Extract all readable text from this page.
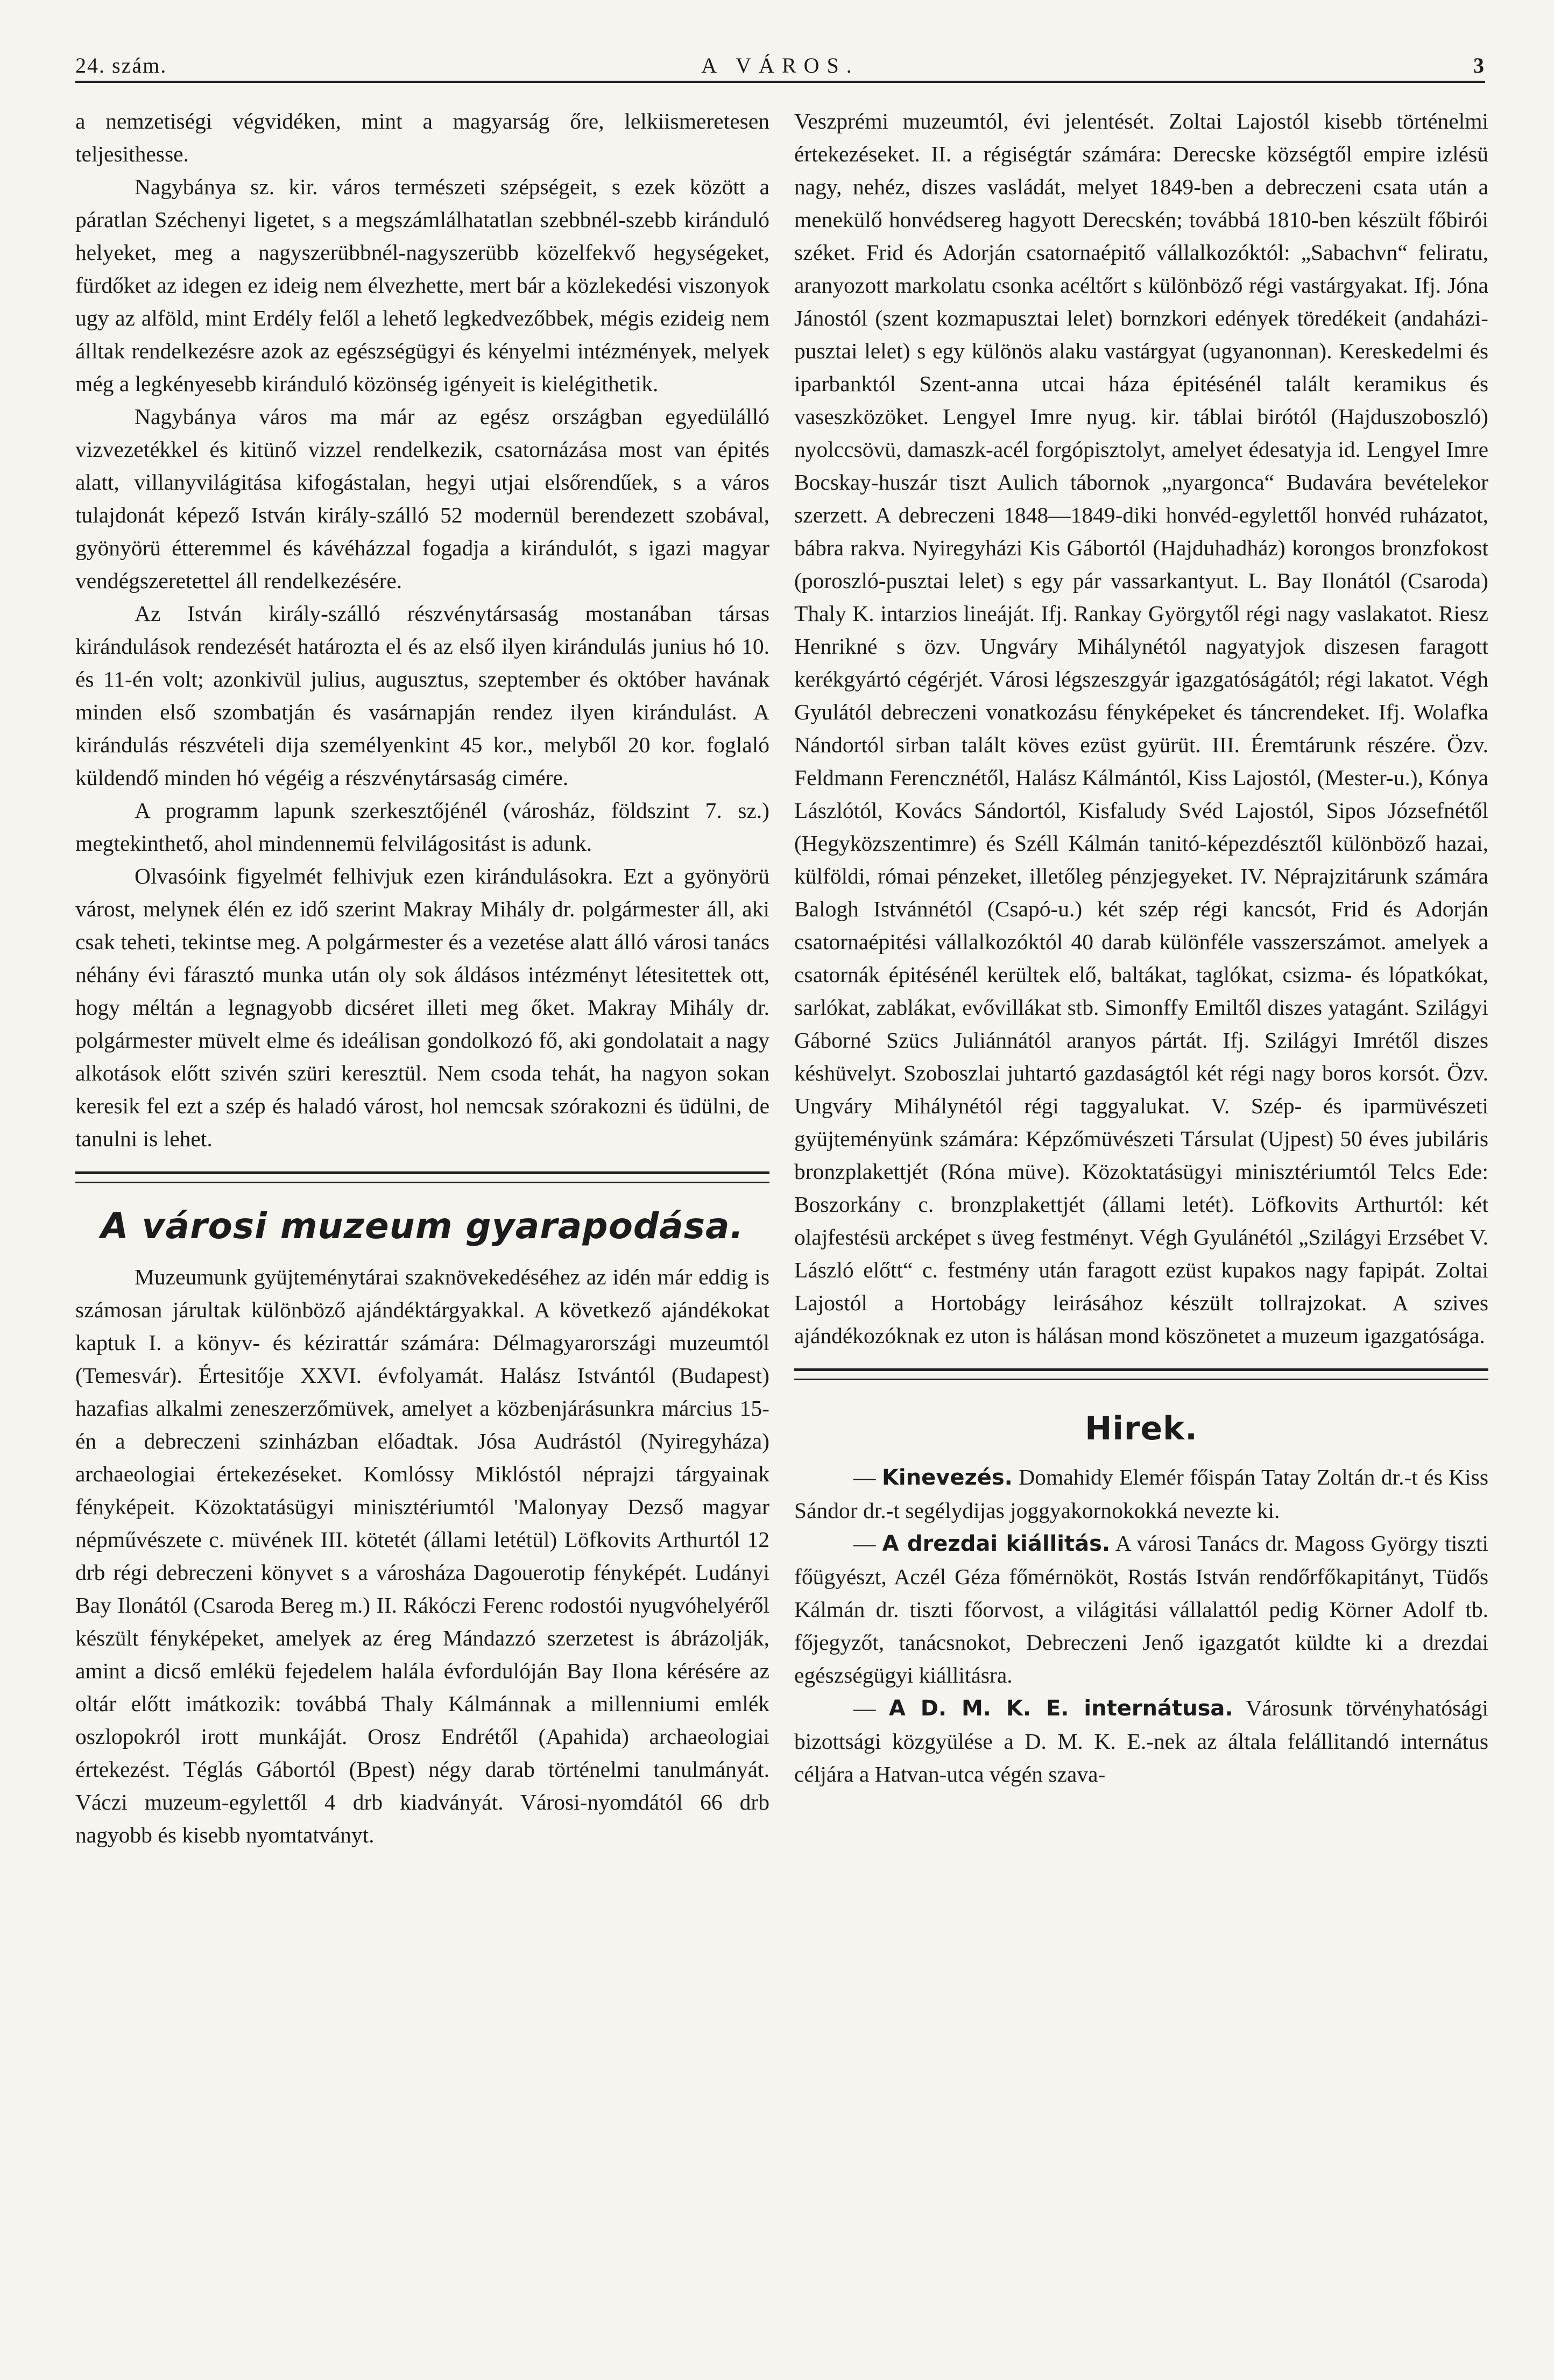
24. szám.	A VÁROS.	3

a nemzetiségi végvidéken, mint a magyarság őre, lelkiismeretesen teljesithesse.

Nagybánya sz. kir. város természeti szépségeit, s ezek között a páratlan Széchenyi ligetet, s a megszámlálhatatlan szebbnél-szebb kiránduló helyeket, meg a nagyszerübbnél-nagyszerübb közelfekvő hegységeket, fürdőket az idegen ez ideig nem élvezhette, mert bár a közlekedési viszonyok ugy az alföld, mint Erdély felől a lehető legkedvezőbbek, mégis ezideig nem álltak rendelkezésre azok az egészségügyi és kényelmi intézmények, melyek még a legkényesebb kiránduló közönség igényeit is kielégithetik.

Nagybánya város ma már az egész országban egyedülálló vizvezetékkel és kitünő vizzel rendelkezik, csatornázása most van épités alatt, villanyvilágitása kifogástalan, hegyi utjai elsőrendűek, s a város tulajdonát képező István király-szálló 52 modernül berendezett szobával, gyönyörü étteremmel és kávéházzal fogadja a kirándulót, s igazi magyar vendégszeretettel áll rendelkezésére.

Az István király-szálló részvénytársaság mostanában társas kirándulások rendezését határozta el és az első ilyen kirándulás junius hó 10. és 11-én volt; azonkivül julius, augusztus, szeptember és október havának minden első szombatján és vasárnapján rendez ilyen kirándulást. A kirándulás részvételi dija személyenkint 45 kor., melyből 20 kor. foglaló küldendő minden hó végéig a részvénytársaság cimére.

A programm lapunk szerkesztőjénél (városház, földszint 7. sz.) megtekinthető, ahol mindennemü felvilágositást is adunk.

Olvasóink figyelmét felhivjuk ezen kirándulásokra. Ezt a gyönyörü várost, melynek élén ez idő szerint Makray Mihály dr. polgármester áll, aki csak teheti, tekintse meg. A polgármester és a vezetése alatt álló városi tanács néhány évi fárasztó munka után oly sok áldásos intézményt létesitettek ott, hogy méltán a legnagyobb dicséret illeti meg őket. Makray Mihály dr. polgármester müvelt elme és ideálisan gondolkozó fő, aki gondolatait a nagy alkotások előtt szivén szüri keresztül. Nem csoda tehát, ha nagyon sokan keresik fel ezt a szép és haladó várost, hol nemcsak szórakozni és üdülni, de tanulni is lehet.

A városi muzeum gyarapodása.

Muzeumunk gyüjteménytárai szaknövekedéséhez az idén már eddig is számosan járultak különböző ajándéktárgyakkal. A következő ajándékokat kaptuk I. a könyv- és kézirattár számára: Délmagyarországi muzeumtól (Temesvár). Értesitője XXVI. évfolyamát. Halász Istvántól (Budapest) hazafias alkalmi zeneszerzőmüvek, amelyet a közbenjárásunkra március 15-én a debreczeni szinházban előadtak. Jósa Audrástól (Nyiregyháza) archaeologiai értekezéseket. Komlóssy Miklóstól néprajzi tárgyainak fényképeit. Közoktatásügyi minisztériumtól 'Malonyay Dezső magyar népművészete c. müvének III. kötetét (állami letétül) Löfkovits Arthurtól 12 drb régi debreczeni könyvet s a városháza Dagouerotip fényképét. Ludányi Bay Ilonától (Csaroda Bereg m.) II. Rákóczi Ferenc rodostói nyugvóhelyéről készült fényképeket, amelyek az éreg Mándazzó szerzetest is ábrázolják, amint a dicső emlékü fejedelem halála évfordulóján Bay Ilona kérésére az oltár előtt imátkozik: továbbá Thaly Kálmánnak a millenniumi emlék oszlopokról irott munkáját. Orosz Endrétől (Apahida) archaeologiai értekezést. Téglás Gábortól (Bpest) négy darab történelmi tanulmányát. Váczi muzeum-egylettől 4 drb kiadványát. Városi-nyomdától 66 drb nagyobb és kisebb nyomtatványt.

Veszprémi muzeumtól, évi jelentését. Zoltai Lajostól kisebb történelmi értekezéseket. II. a régiségtár számára: Derecske községtől empire izlésü nagy, nehéz, diszes vasládát, melyet 1849-ben a debreczeni csata után a menekülő honvédsereg hagyott Derecskén; továbbá 1810-ben készült főbirói széket. Frid és Adorján csatornaépitő vállalkozóktól: „Sabachvn“ feliratu, aranyozott markolatu csonka acéltőrt s különböző régi vastárgyakat. Ifj. Jóna Jánostól (szent kozmapusztai lelet) bornzkori edények töredékeit (andaházi-pusztai lelet) s egy különös alaku vastárgyat (ugyanonnan). Kereskedelmi és iparbanktól Szent-anna utcai háza épitésénél talált keramikus és vaseszközöket. Lengyel Imre nyug. kir. táblai birótól (Hajduszoboszló) nyolccsövü, damaszk-acél forgópisztolyt, amelyet édesatyja id. Lengyel Imre Bocskay-huszár tiszt Aulich tábornok „nyargonca“ Budavára bevételekor szerzett. A debreczeni 1848—1849-diki honvéd-egylettől honvéd ruházatot, bábra rakva. Nyiregyházi Kis Gábortól (Hajduhadház) korongos bronzfokost (poroszló-pusztai lelet) s egy pár vassarkantyut. L. Bay Ilonától (Csaroda) Thaly K. intarzios lineáját. Ifj. Rankay Györgytől régi nagy vaslakatot. Riesz Henrikné s özv. Ungváry Mihálynétól nagyatyjok diszesen faragott kerékgyártó cégérjét. Városi légszeszgyár igazgatóságától; régi lakatot. Végh Gyulától debreczeni vonatkozásu fényképeket és táncrendeket. Ifj. Wolafka Nándortól sirban talált köves ezüst gyürüt. III. Éremtárunk részére. Özv. Feldmann Ferencznétől, Halász Kálmántól, Kiss Lajostól, (Mester-u.), Kónya Lászlótól, Kovács Sándortól, Kisfaludy Svéd Lajostól, Sipos Józsefnétől (Hegyközszentimre) és Széll Kálmán tanitó-képezdésztől különböző hazai, külföldi, római pénzeket, illetőleg pénzjegyeket. IV. Néprajzitárunk számára Balogh Istvánnétól (Csapó-u.) két szép régi kancsót, Frid és Adorján csatornaépitési vállalkozóktól 40 darab különféle vasszerszámot. amelyek a csatornák épitésénél kerültek elő, baltákat, taglókat, csizma- és lópatkókat, sarlókat, zablákat, evővillákat stb. Simonffy Emiltől diszes yatagánt. Szilágyi Gáborné Szücs Juliánnától aranyos pártát. Ifj. Szilágyi Imrétől diszes késhüvelyt. Szoboszlai juhtartó gazdaságtól két régi nagy boros korsót. Özv. Ungváry Mihálynétól régi taggyalukat. V. Szép- és iparmüvészeti gyüjteményünk számára: Képzőmüvészeti Társulat (Ujpest) 50 éves jubiláris bronzplakettjét (Róna müve). Közoktatásügyi minisztériumtól Telcs Ede: Boszorkány c. bronzplakettjét (állami letét). Löfkovits Arthurtól: két olajfestésü arcképet s üveg festményt. Végh Gyulánétól „Szilágyi Erzsébet V. László előtt“ c. festmény után faragott ezüst kupakos nagy fapipát. Zoltai Lajostól a Hortobágy leirásához készült tollrajzokat. A szives ajándékozóknak ez uton is hálásan mond köszönetet a muzeum igazgatósága.

Hirek.

— Kinevezés. Domahidy Elemér főispán Tatay Zoltán dr.-t és Kiss Sándor dr.-t segélydijas joggyakornokokká nevezte ki.

— A drezdai kiállitás. A városi Tanács dr. Magoss György tiszti főügyészt, Aczél Géza főmérnököt, Rostás István rendőrfőkapitányt, Tüdős Kálmán dr. tiszti főorvost, a világitási vállalattól pedig Körner Adolf tb. főjegyzőt, tanácsnokot, Debreczeni Jenő igazgatót küldte ki a drezdai egészségügyi kiállitásra.

— A D. M. K. E. internátusa. Városunk törvényhatósági bizottsági közgyülése a D. M. K. E.-nek az általa felállitandó internátus céljára a Hatvan-utca végén szava-
